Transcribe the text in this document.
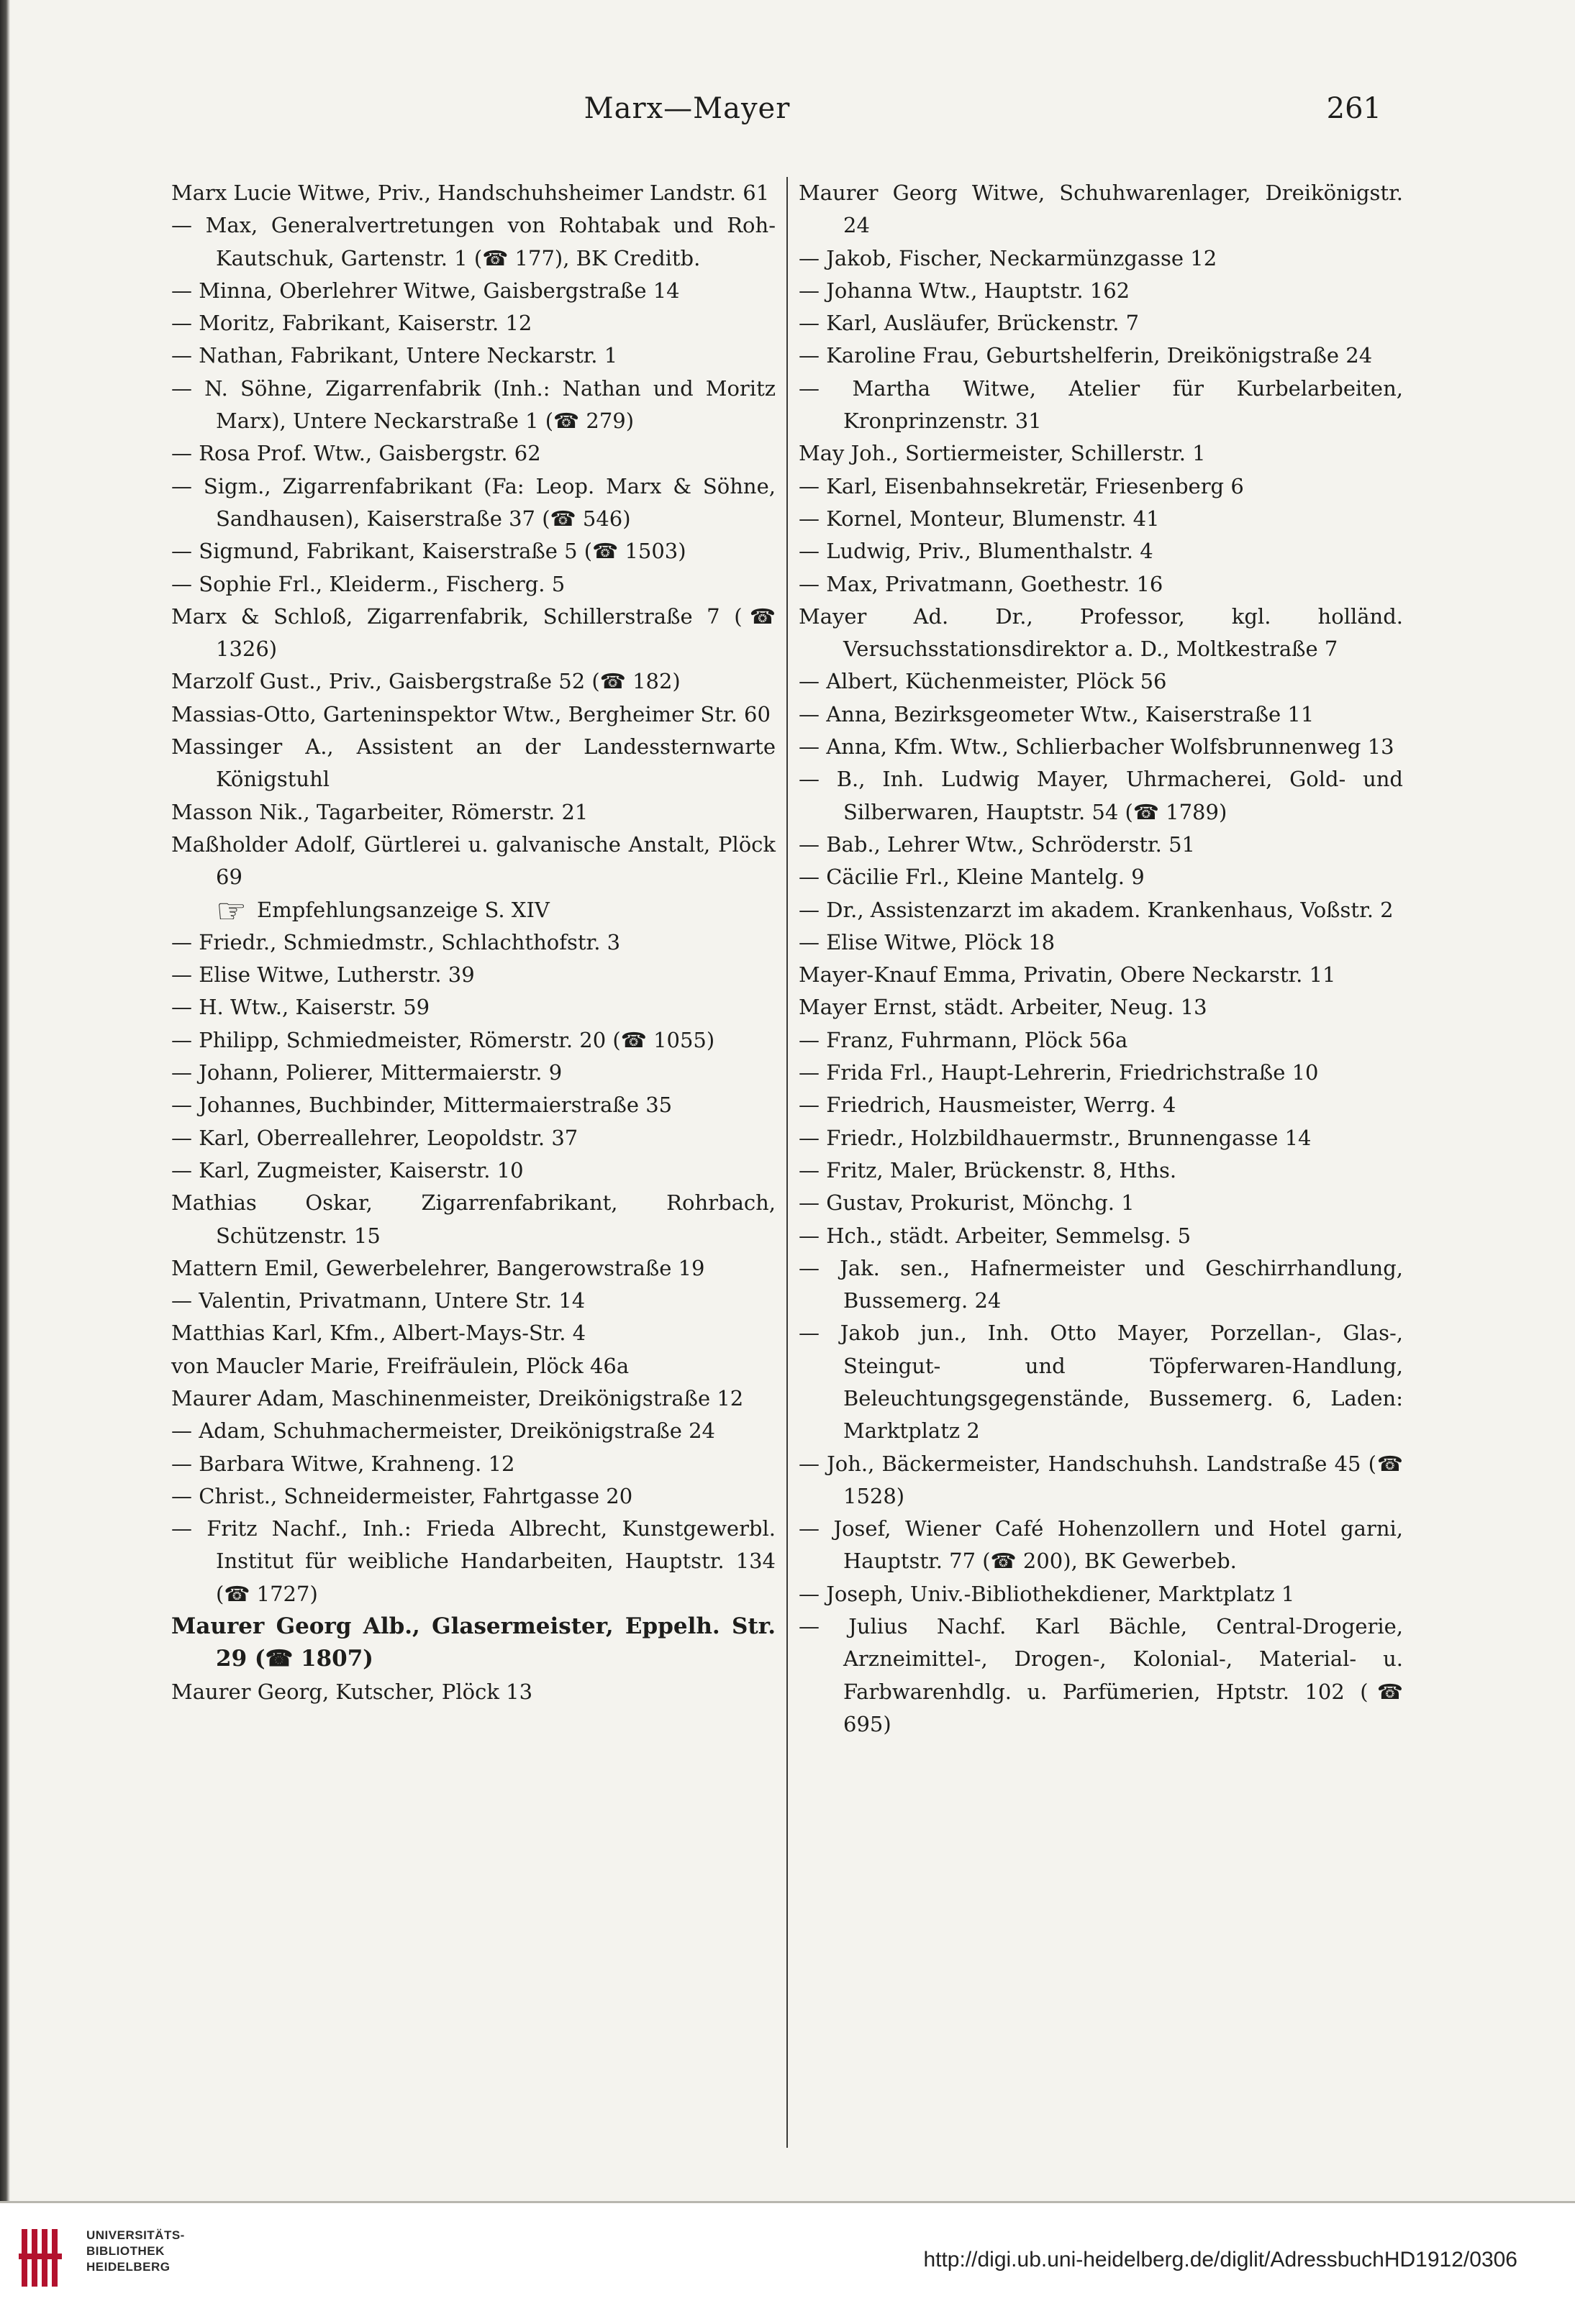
Marx—Mayer	261
Marx Lucie Witwe, Priv., Handschuhsheimer Landstr. 61
— Max, Generalvertretungen von Rohtabak und Roh-Kautschuk, Gartenstr. 1 (☎ 177), BK Creditb.
— Minna, Oberlehrer Witwe, Gaisbergstraße 14
— Moritz, Fabrikant, Kaiserstr. 12
— Nathan, Fabrikant, Untere Neckarstr. 1
— N. Söhne, Zigarrenfabrik (Inh.: Nathan und Moritz Marx), Untere Neckarstraße 1 (☎ 279)
— Rosa Prof. Wtw., Gaisbergstr. 62
— Sigm., Zigarrenfabrikant (Fa: Leop. Marx & Söhne, Sandhausen), Kaiserstraße 37 (☎ 546)
— Sigmund, Fabrikant, Kaiserstraße 5 (☎ 1503)
— Sophie Frl., Kleiderm., Fischerg. 5
Marx & Schloß, Zigarrenfabrik, Schillerstraße 7 (☎ 1326)
Marzolf Gust., Priv., Gaisbergstraße 52 (☎ 182)
Massias-Otto, Garteninspektor Wtw., Bergheimer Str. 60
Massinger A., Assistent an der Landessternwarte Königstuhl
Masson Nik., Tagarbeiter, Römerstr. 21
Maßholder Adolf, Gürtlerei u. galvanische Anstalt, Plöck 69
☞ Empfehlungsanzeige S. XIV
— Friedr., Schmiedmstr., Schlachthofstr. 3
— Elise Witwe, Lutherstr. 39
— H. Wtw., Kaiserstr. 59
— Philipp, Schmiedmeister, Römerstr. 20 (☎ 1055)
— Johann, Polierer, Mittermaierstr. 9
— Johannes, Buchbinder, Mittermaierstraße 35
— Karl, Oberreallehrer, Leopoldstr. 37
— Karl, Zugmeister, Kaiserstr. 10
Mathias Oskar, Zigarrenfabrikant, Rohrbach, Schützenstr. 15
Mattern Emil, Gewerbelehrer, Bangerowstraße 19
— Valentin, Privatmann, Untere Str. 14
Matthias Karl, Kfm., Albert-Mays-Str. 4
von Maucler Marie, Freifräulein, Plöck 46a
Maurer Adam, Maschinenmeister, Dreikönigstraße 12
— Adam, Schuhmachermeister, Dreikönigstraße 24
— Barbara Witwe, Krahneng. 12
— Christ., Schneidermeister, Fahrtgasse 20
— Fritz Nachf., Inh.: Frieda Albrecht, Kunstgewerbl. Institut für weibliche Handarbeiten, Hauptstr. 134 (☎ 1727)
Maurer Georg Alb., Glasermeister, Eppelh. Str. 29 (☎ 1807)
Maurer Georg, Kutscher, Plöck 13
Maurer Georg Witwe, Schuhwarenlager, Dreikönigstr. 24
— Jakob, Fischer, Neckarmünzgasse 12
— Johanna Wtw., Hauptstr. 162
— Karl, Ausläufer, Brückenstr. 7
— Karoline Frau, Geburtshelferin, Dreikönigstraße 24
— Martha Witwe, Atelier für Kurbelarbeiten, Kronprinzenstr. 31
May Joh., Sortiermeister, Schillerstr. 1
— Karl, Eisenbahnsekretär, Friesenberg 6
— Kornel, Monteur, Blumenstr. 41
— Ludwig, Priv., Blumenthalstr. 4
— Max, Privatmann, Goethestr. 16
Mayer Ad. Dr., Professor, kgl. holländ. Versuchsstationsdirektor a. D., Moltkestraße 7
— Albert, Küchenmeister, Plöck 56
— Anna, Bezirksgeometer Wtw., Kaiserstraße 11
— Anna, Kfm. Wtw., Schlierbacher Wolfsbrunnenweg 13
— B., Inh. Ludwig Mayer, Uhrmacherei, Gold- und Silberwaren, Hauptstr. 54 (☎ 1789)
— Bab., Lehrer Wtw., Schröderstr. 51
— Cäcilie Frl., Kleine Mantelg. 9
— Dr., Assistenzarzt im akadem. Krankenhaus, Voßstr. 2
— Elise Witwe, Plöck 18
Mayer-Knauf Emma, Privatin, Obere Neckarstr. 11
Mayer Ernst, städt. Arbeiter, Neug. 13
— Franz, Fuhrmann, Plöck 56a
— Frida Frl., Haupt-Lehrerin, Friedrichstraße 10
— Friedrich, Hausmeister, Werrg. 4
— Friedr., Holzbildhauermstr., Brunnengasse 14
— Fritz, Maler, Brückenstr. 8, Hths.
— Gustav, Prokurist, Mönchg. 1
— Hch., städt. Arbeiter, Semmelsg. 5
— Jak. sen., Hafnermeister und Geschirrhandlung, Bussemerg. 24
— Jakob jun., Inh. Otto Mayer, Porzellan-, Glas-, Steingut- und Töpferwaren-Handlung, Beleuchtungsgegenstände, Bussemerg. 6, Laden: Marktplatz 2
— Joh., Bäckermeister, Handschuhsh. Landstraße 45 (☎ 1528)
— Josef, Wiener Café Hohenzollern und Hotel garni, Hauptstr. 77 (☎ 200), BK Gewerbeb.
— Joseph, Univ.-Bibliothekdiener, Marktplatz 1
— Julius Nachf. Karl Bächle, Central-Drogerie, Arzneimittel-, Drogen-, Kolonial-, Material- u. Farbwarenhdlg. u. Parfümerien, Hptstr. 102 (☎ 695)
UNIVERSITÄTS-
BIBLIOTHEK
HEIDELBERG	http://digi.ub.uni-heidelberg.de/diglit/AdressbuchHD1912/0306
